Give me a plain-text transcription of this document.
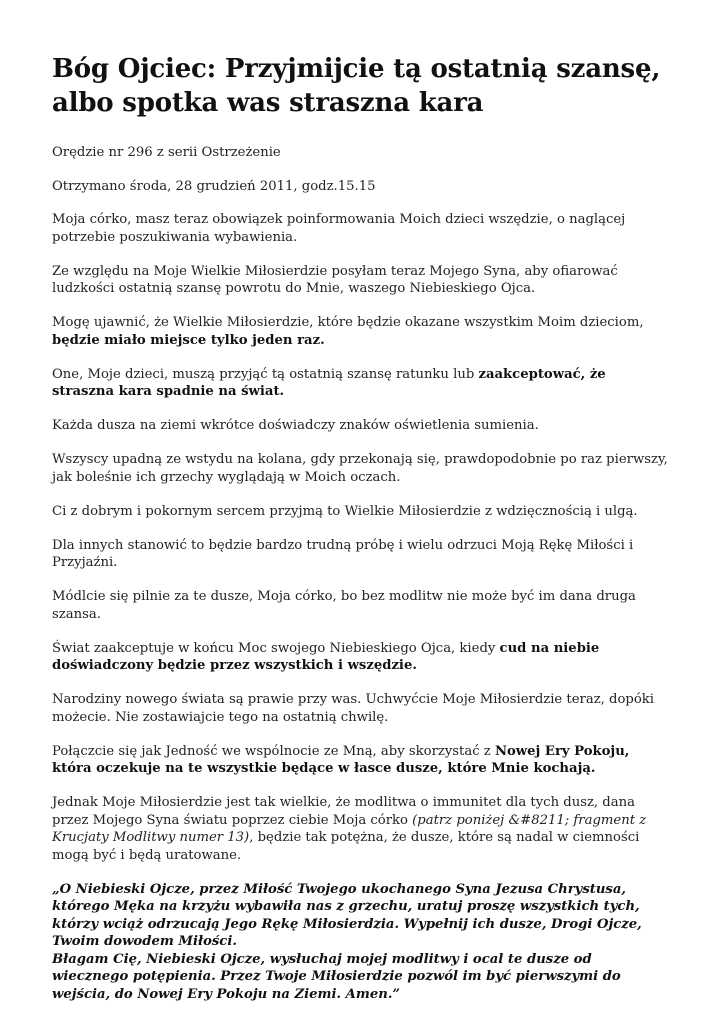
Bóg Ojciec: Przyjmijcie tą ostatnią szansę, albo spotka was straszna kara

Orędzie nr 296 z serii Ostrzeżenie

Otrzymano środa, 28 grudzień 2011, godz.15.15

Moja córko, masz teraz obowiązek poinformowania Moich dzieci wszędzie, o naglącej potrzebie poszukiwania wybawienia.

Ze względu na Moje Wielkie Miłosierdzie posyłam teraz Mojego Syna, aby ofiarować ludzkości ostatnią szansę powrotu do Mnie, waszego Niebieskiego Ojca.

Mogę ujawnić, że Wielkie Miłosierdzie, które będzie okazane wszystkim Moim dzieciom, będzie miało miejsce tylko jeden raz.

One, Moje dzieci, muszą przyjąć tą ostatnią szansę ratunku lub zaakceptować, że straszna kara spadnie na świat.

Każda dusza na ziemi wkrótce doświadczy znaków oświetlenia sumienia.

Wszyscy upadną ze wstydu na kolana, gdy przekonają się, prawdopodobnie po raz pierwszy, jak boleśnie ich grzechy wyglądają w Moich oczach.

Ci z dobrym i pokornym sercem przyjmą to Wielkie Miłosierdzie z wdzięcznością i ulgą.

Dla innych stanowić to będzie bardzo trudną próbę i wielu odrzuci Moją Rękę Miłości i Przyjaźni.

Módlcie się pilnie za te dusze, Moja córko, bo bez modlitw nie może być im dana druga szansa.

Świat zaakceptuje w końcu Moc swojego Niebieskiego Ojca, kiedy cud na niebie doświadczony będzie przez wszystkich i wszędzie.

Narodziny nowego świata są prawie przy was. Uchwyćcie Moje Miłosierdzie teraz, dopóki możecie. Nie zostawiajcie tego na ostatnią chwilę.

Połączcie się jak Jedność we wspólnocie ze Mną, aby skorzystać z Nowej Ery Pokoju, która oczekuje na te wszystkie będące w łasce dusze, które Mnie kochają.

Jednak Moje Miłosierdzie jest tak wielkie, że modlitwa o immunitet dla tych dusz, dana przez Mojego Syna światu poprzez ciebie Moja córko (patrz poniżej &#8211; fragment z Krucjaty Modlitwy numer 13), będzie tak potężna, że dusze, które są nadal w ciemności mogą być i będą uratowane.

„O Niebieski Ojcze, przez Miłość Twojego ukochanego Syna Jezusa Chrystusa, którego Męka na krzyżu wybawiła nas z grzechu, uratuj proszę wszystkich tych, którzy wciąż odrzucają Jego Rękę Miłosierdzia. Wypełnij ich dusze, Drogi Ojcze, Twoim dowodem Miłości.
Błagam Cię, Niebieski Ojcze, wysłuchaj mojej modlitwy i ocal te dusze od wiecznego potępienia. Przez Twoje Miłosierdzie pozwól im być pierwszymi do wejścia, do Nowej Ery Pokoju na Ziemi. Amen.”
